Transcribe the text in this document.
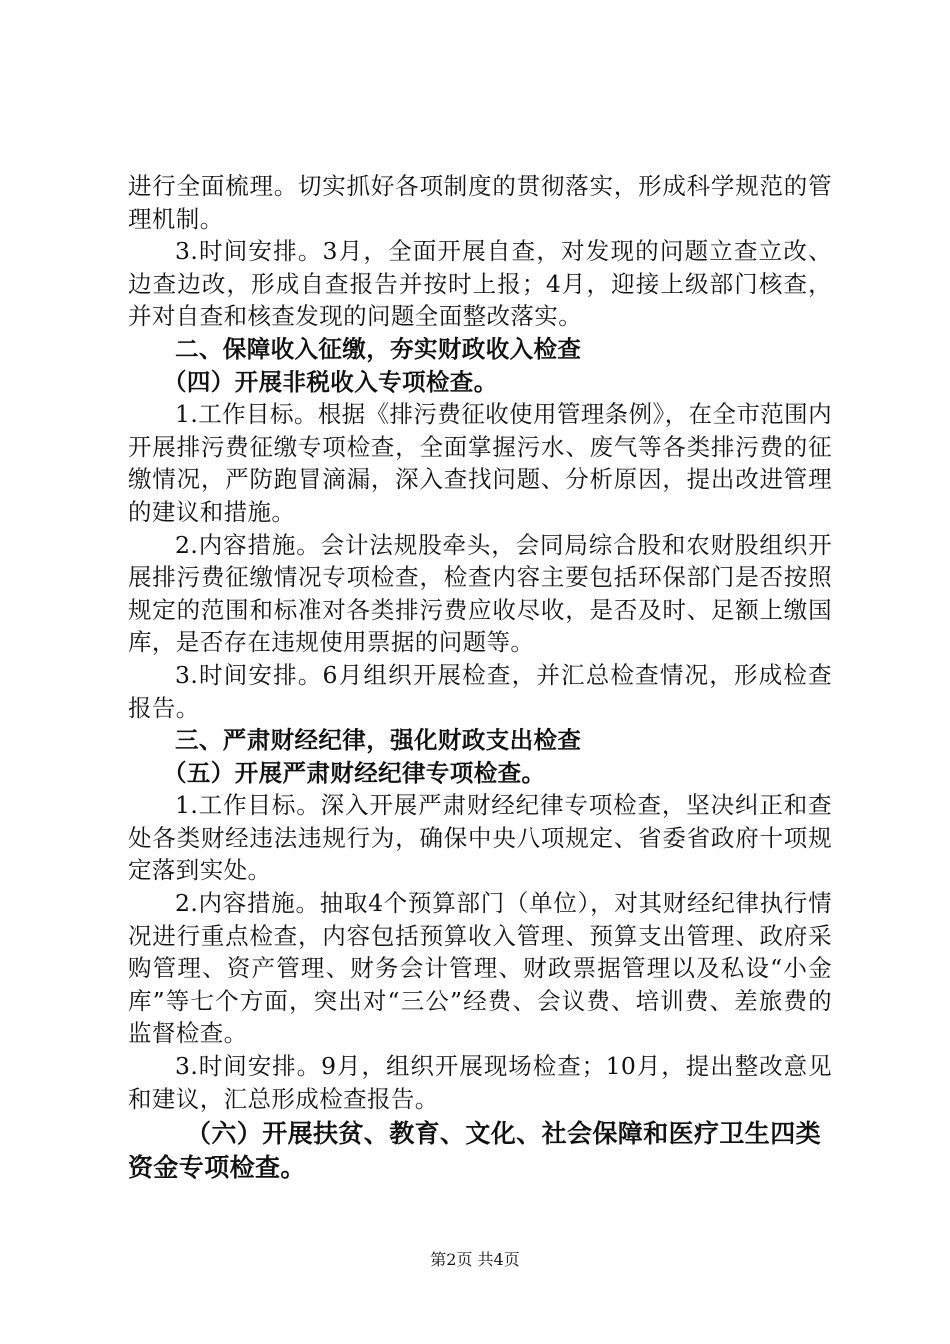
进行全面梳理。切实抓好各项制度的贯彻落实，形成科学规范的管理机制。

3.时间安排。3月，全面开展自查，对发现的问题立查立改、边查边改，形成自查报告并按时上报；4月，迎接上级部门核查，并对自查和核查发现的问题全面整改落实。

二、保障收入征缴，夯实财政收入检查

（四）开展非税收入专项检查。

1.工作目标。根据《排污费征收使用管理条例》，在全市范围内开展排污费征缴专项检查，全面掌握污水、废气等各类排污费的征缴情况，严防跑冒滴漏，深入查找问题、分析原因，提出改进管理的建议和措施。

2.内容措施。会计法规股牵头，会同局综合股和农财股组织开展排污费征缴情况专项检查，检查内容主要包括环保部门是否按照规定的范围和标准对各类排污费应收尽收，是否及时、足额上缴国库，是否存在违规使用票据的问题等。

3.时间安排。6月组织开展检查，并汇总检查情况，形成检查报告。

三、严肃财经纪律，强化财政支出检查

（五）开展严肃财经纪律专项检查。

1.工作目标。深入开展严肃财经纪律专项检查，坚决纠正和查处各类财经违法违规行为，确保中央八项规定、省委省政府十项规定落到实处。

2.内容措施。抽取4个预算部门（单位），对其财经纪律执行情况进行重点检查，内容包括预算收入管理、预算支出管理、政府采购管理、资产管理、财务会计管理、财政票据管理以及私设“小金库”等七个方面，突出对“三公”经费、会议费、培训费、差旅费的监督检查。

3.时间安排。9月，组织开展现场检查；10月，提出整改意见和建议，汇总形成检查报告。

（六）开展扶贫、教育、文化、社会保障和医疗卫生四类资金专项检查。

第2页 共4页
